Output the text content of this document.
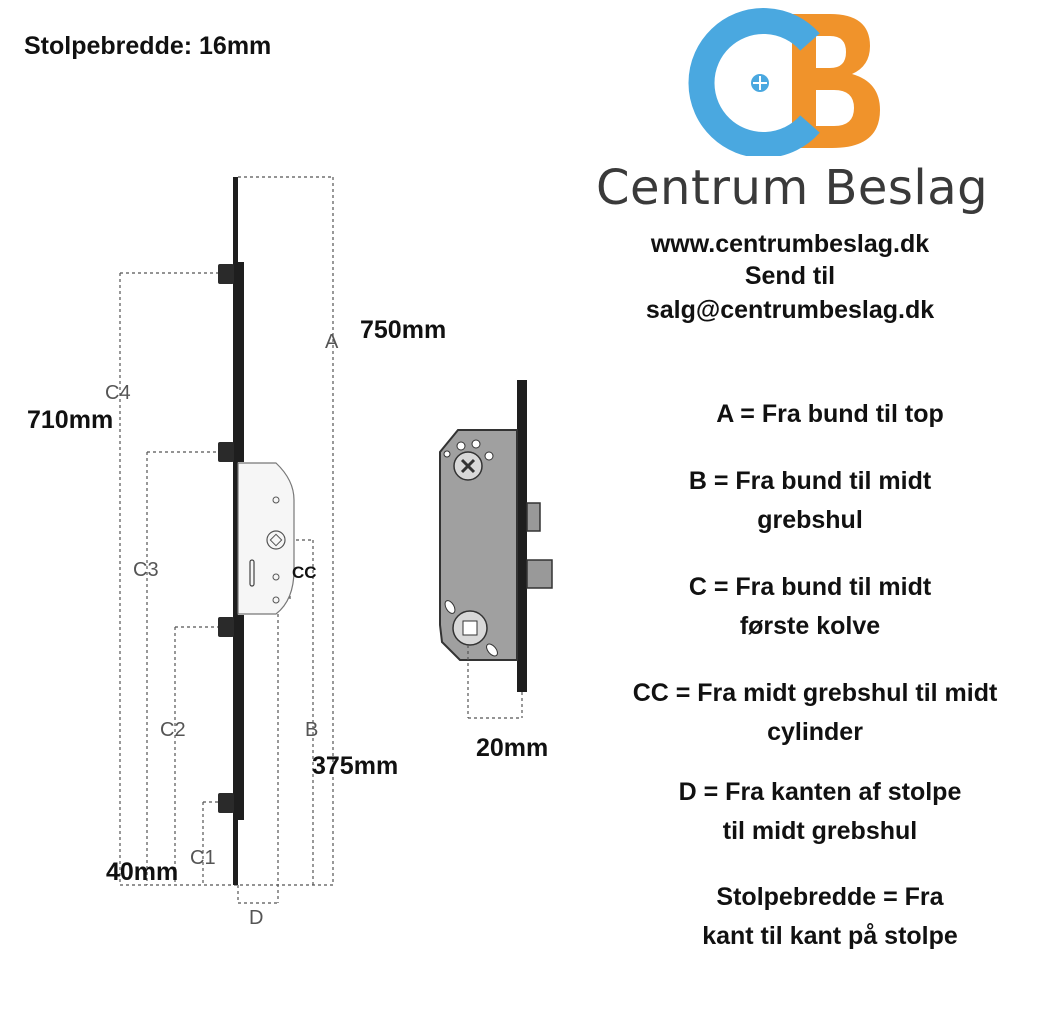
Stolpebredde: 16mm
Centrum Beslag
www.centrumbeslag.dk
Send til
salg@centrumbeslag.dk
A
C4
C3
C2
C1
B
D
CC
750mm
710mm
375mm
40mm
20mm
A = Fra bund til top
B = Fra bund til midt
grebshul
C = Fra bund til midt
første kolve
CC = Fra midt grebshul til midt
cylinder
D = Fra kanten af stolpe
til midt grebshul
Stolpebredde = Fra
kant til kant på stolpe
